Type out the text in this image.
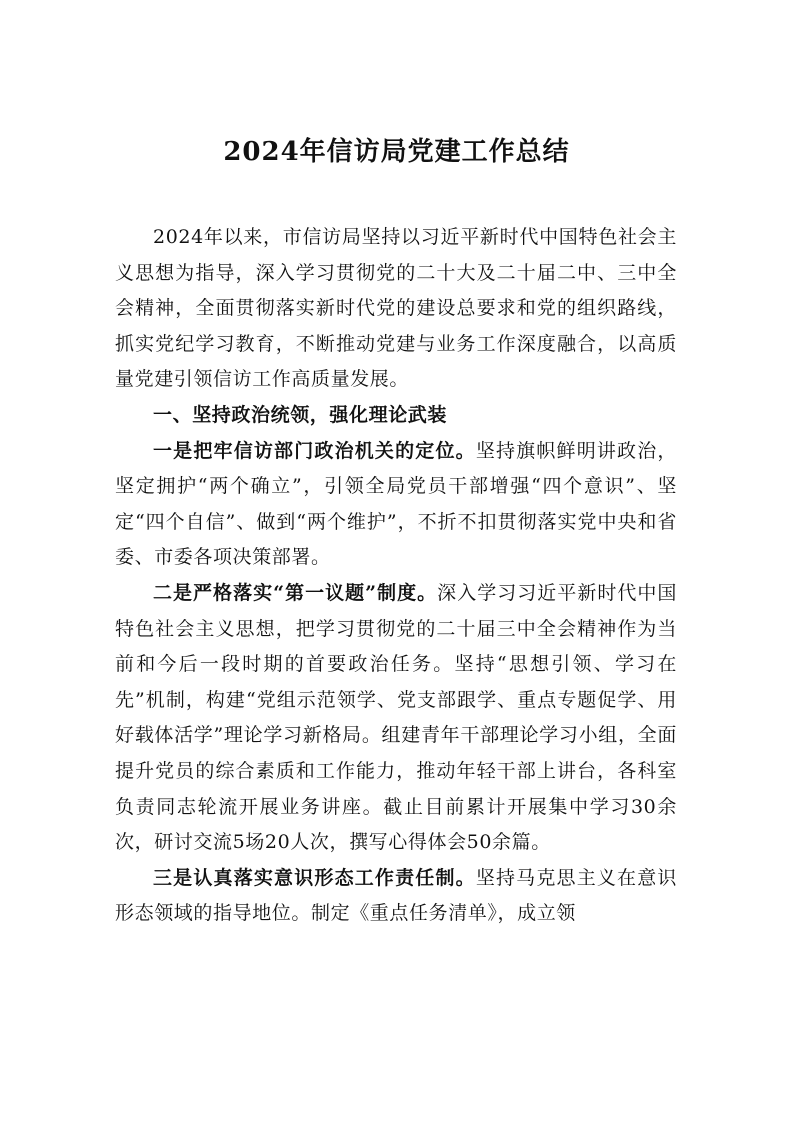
2024年信访局党建工作总结

2024年以来，市信访局坚持以习近平新时代中国特色社会主义思想为指导，深入学习贯彻党的二十大及二十届二中、三中全会精神，全面贯彻落实新时代党的建设总要求和党的组织路线，抓实党纪学习教育，不断推动党建与业务工作深度融合，以高质量党建引领信访工作高质量发展。

一、坚持政治统领，强化理论武装

一是把牢信访部门政治机关的定位。坚持旗帜鲜明讲政治，坚定拥护“两个确立”，引领全局党员干部增强“四个意识”、坚定“四个自信”、做到“两个维护”，不折不扣贯彻落实党中央和省委、市委各项决策部署。

二是严格落实“第一议题”制度。深入学习习近平新时代中国特色社会主义思想，把学习贯彻党的二十届三中全会精神作为当前和今后一段时期的首要政治任务。坚持“思想引领、学习在先”机制，构建“党组示范领学、党支部跟学、重点专题促学、用好载体活学”理论学习新格局。组建青年干部理论学习小组，全面提升党员的综合素质和工作能力，推动年轻干部上讲台，各科室负责同志轮流开展业务讲座。截止目前累计开展集中学习30余次，研讨交流5场20人次，撰写心得体会50余篇。

三是认真落实意识形态工作责任制。坚持马克思主义在意识形态领域的指导地位。制定《重点任务清单》，成立领
